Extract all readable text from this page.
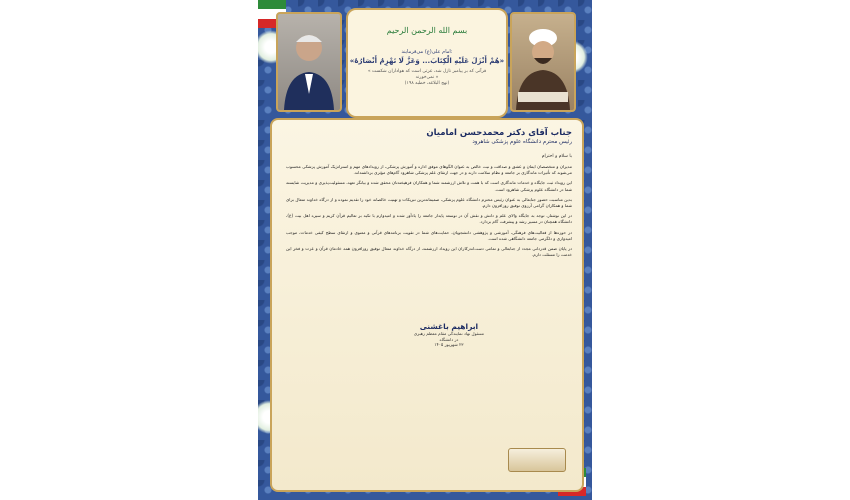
بسم الله الرحمن الرحیم
امام علی(ع) می‌فرمایند:
«هُمْ أَنْزَلَ عَلَیْهِ الْکِتَابَ... وَعَزَّ لَا تَهْزِمُ أَنْصَارُهُ»
« قرآنی که بر پیامبر نازل شد، عزتی است که هواداران شکست نمی‌خورند »
(نهج البلاغه، خطبه ۱۹۸)
جناب آقای دکتر محمدحسن امامیان
رئیس محترم دانشگاه علوم پزشکی شاهرود
با سلام و احترام

مدیران و متخصصان ایمان و عشق و صداقت و نیت خالص به عنوان الگوهای موفق اداره و آموزش پزشکی، از رویدادهای مهم و استراتژیک آموزش پزشکی محسوب می‌شوند که تأثیرات ماندگاری بر جامعه و نظام سلامت دارند و در جهت ارتقای علم پزشکی شاهرود گام‌های مؤثری برداشته‌اند.

این رویداد ثبت جایگاه و خدمات ماندگاری است که با همت و تلاش ارزشمند شما و همکاران فرهیخته‌تان محقق شده و بیانگر تعهد، مسئولیت‌پذیری و مدیریت شایسته شما در دانشگاه علوم پزشکی شاهرود است.

بدین مناسبت حضور جنابعالی به عنوان رئیس محترم دانشگاه علوم پزشکی، صمیمانه‌ترین تبریکات و تهنیت خالصانه خود را تقدیم نموده و از درگاه خداوند متعال برای شما و همکاران گرامی آرزوی توفیق روزافزون دارم.

در این نوشتار، توجه به جایگاه والای علم و دانش و نقش آن در توسعه پایدار جامعه را یادآور شده و امیدوارم با تکیه بر تعالیم قرآن کریم و سیره اهل بیت (ع)، دانشگاه همچنان در مسیر رشد و پیشرفت گام بردارد.

در حوزه‌ها از فعالیت‌های فرهنگی، آموزشی و پژوهشی دانشجویان، حمایت‌های شما در تقویت برنامه‌های قرآنی و معنوی و ارتقای سطح کیفی خدمات، موجب امیدواری و دلگرمی جامعه دانشگاهی شده است.

در پایان ضمن قدردانی مجدد از جنابعالی و تمامی دست‌اندرکاران این رویداد ارزشمند، از درگاه خداوند متعال توفیق روزافزون همه خادمان قرآن و عزت و فخر این خدمت را مسئلت دارم.

ابراهیم باغشنی
مسئول نهاد نمایندگی مقام معظم رهبری
در دانشگاه
۲۳ شهریور ۱۴۰۵
